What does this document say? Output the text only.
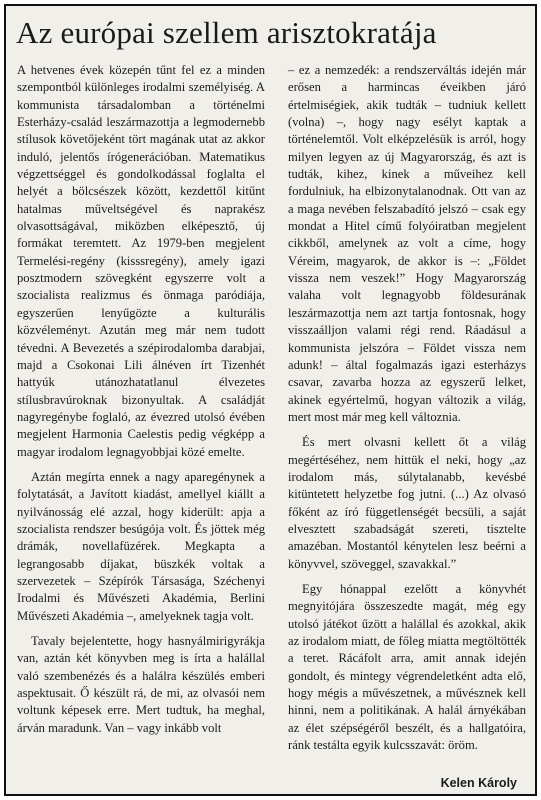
Az európai szellem arisztokratája

A hetvenes évek közepén tűnt fel ez a minden szempontból különleges irodalmi személyiség. A kommunista társadalomban a történelmi Esterházy-család leszármazottja a legmodernebb stílusok követőjeként tört magának utat az akkor induló, jelentős írógenerációban. Matematikus végzettséggel és gondolkodással foglalta el helyét a bölcsészek között, kezdettől kitűnt hatalmas műveltségével és naprakész olvasottságával, miközben elképesztő, új formákat teremtett. Az 1979-ben megjelent Termelési-regény (kisssregény), amely igazi posztmodern szövegként egyszerre volt a szocialista realizmus és önmaga paródiája, egyszerűen lenyűgözte a kulturális közvéleményt. Azután meg már nem tudott tévedni. A Bevezetés a szépirodalomba darabjai, majd a Csokonai Lili álnéven írt Tizenhét hattyúk utánozhatatlanul élvezetes stílusbravúroknak bizonyultak. A családját nagyregénybe foglaló, az évezred utolsó évében megjelent Harmonia Caelestis pedig végképp a magyar irodalom legnagyobbjai közé emelte.

Aztán megírta ennek a nagy aparegénynek a folytatását, a Javított kiadást, amellyel kiállt a nyilvánosság elé azzal, hogy kiderült: apja a szocialista rendszer besúgója volt. És jöttek még drámák, novellafüzérek. Megkapta a legrangosabb díjakat, büszkék voltak a szervezetek – Szépírók Társasága, Széchenyi Irodalmi és Művészeti Akadémia, Berlini Művészeti Akadémia –, amelyeknek tagja volt.

Tavaly bejelentette, hogy hasnyálmirigyrákja van, aztán két könyvben meg is írta a halállal való szembenézés és a halálra készülés emberi aspektusait. Ő készült rá, de mi, az olvasói nem voltunk képesek erre. Mert tudtuk, ha meghal, árván maradunk. Van – vagy inkább volt

– ez a nemzedék: a rendszerváltás idején már erősen a harmincas éveikben járó értelmiségiek, akik tudták – tudniuk kellett (volna) –, hogy nagy esélyt kaptak a történelemtől. Volt elképzelésük is arról, hogy milyen legyen az új Magyarország, és azt is tudták, kihez, kinek a műveihez kell fordulniuk, ha elbizonytalanodnak. Ott van az a maga nevében felszabadító jelszó – csak egy mondat a Hitel című folyóiratban megjelent cikkből, amelynek az volt a címe, hogy Véreim, magyarok, de akkor is –: „Földet vissza nem veszek!” Hogy Magyarország valaha volt legnagyobb földesurának leszármazottja nem azt tartja fontosnak, hogy visszaálljon valami régi rend. Ráadásul a kommunista jelszóra – Földet vissza nem adunk! – által fogalmazás igazi esterházys csavar, zavarba hozza az egyszerű lelket, akinek egyértelmű, hogyan változik a világ, mert most már meg kell változnia.

És mert olvasni kellett őt a világ megértéséhez, nem hittük el neki, hogy „az irodalom más, súlytalanabb, kevésbé kitüntetett helyzetbe fog jutni. (...) Az olvasó főként az író függetlenségét becsüli, a saját elvesztett szabadságát szereti, tisztelte amazéban. Mostantól kénytelen lesz beérni a könyvvel, szöveggel, szavakkal.”

Egy hónappal ezelőtt a könyvhét megnyitójára összeszedte magát, még egy utolsó játékot űzött a halállal és azokkal, akik az irodalom miatt, de főleg miatta megtöltötték a teret. Rácáfolt arra, amit annak idején gondolt, és mintegy végrendeletként adta elő, hogy mégis a művészetnek, a művésznek kell hinni, nem a politikának. A halál árnyékában az élet szépségéről beszélt, és a hallgatóira, ránk testálta egyik kulcsszavát: öröm.

Kelen Károly
